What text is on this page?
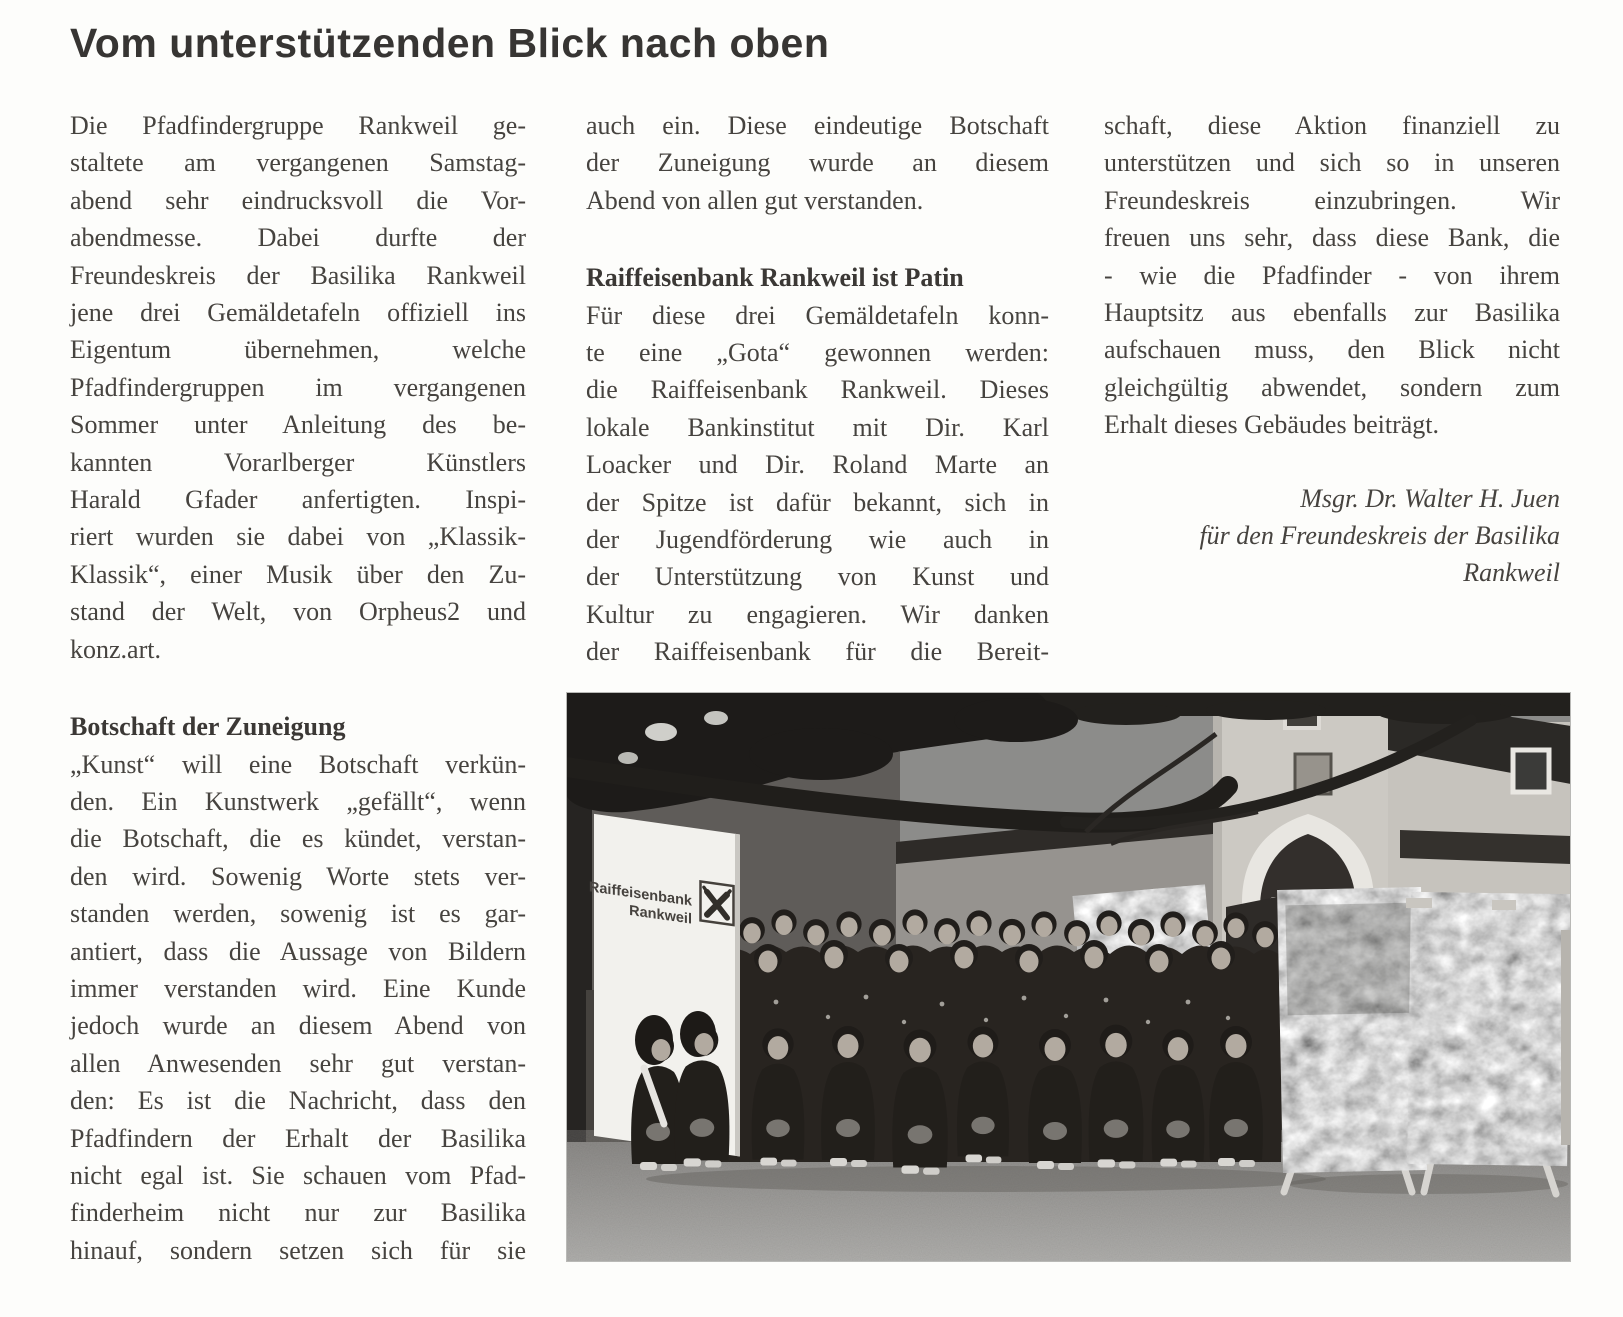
Vom unterstützenden Blick nach oben
Die Pfadfindergruppe Rankweil ge-
staltete am vergangenen Samstag-
abend sehr eindrucksvoll die Vor-
abendmesse. Dabei durfte der
Freundeskreis der Basilika Rankweil
jene drei Gemäldetafeln offiziell ins
Eigentum übernehmen, welche
Pfadfindergruppen im vergangenen
Sommer unter Anleitung des be-
kannten Vorarlberger Künstlers
Harald Gfader anfertigten. Inspi-
riert wurden sie dabei von „Klassik-
Klassik“, einer Musik über den Zu-
stand der Welt, von Orpheus2 und
konz.art.
Botschaft der Zuneigung
„Kunst“ will eine Botschaft verkün-
den. Ein Kunstwerk „gefällt“, wenn
die Botschaft, die es kündet, verstan-
den wird. Sowenig Worte stets ver-
standen werden, sowenig ist es gar-
antiert, dass die Aussage von Bildern
immer verstanden wird. Eine Kunde
jedoch wurde an diesem Abend von
allen Anwesenden sehr gut verstan-
den: Es ist die Nachricht, dass den
Pfadfindern der Erhalt der Basilika
nicht egal ist. Sie schauen vom Pfad-
finderheim nicht nur zur Basilika
hinauf, sondern setzen sich für sie
auch ein. Diese eindeutige Botschaft
der Zuneigung wurde an diesem
Abend von allen gut verstanden.
Raiffeisenbank Rankweil ist Patin
Für diese drei Gemäldetafeln konn-
te eine „Gota“ gewonnen werden:
die Raiffeisenbank Rankweil. Dieses
lokale Bankinstitut mit Dir. Karl
Loacker und Dir. Roland Marte an
der Spitze ist dafür bekannt, sich in
der Jugendförderung wie auch in
der Unterstützung von Kunst und
Kultur zu engagieren. Wir danken
der Raiffeisenbank für die Bereit-
schaft, diese Aktion finanziell zu
unterstützen und sich so in unseren
Freundeskreis einzubringen. Wir
freuen uns sehr, dass diese Bank, die
- wie die Pfadfinder - von ihrem
Hauptsitz aus ebenfalls zur Basilika
aufschauen muss, den Blick nicht
gleichgültig abwendet, sondern zum
Erhalt dieses Gebäudes beiträgt.
Msgr. Dr. Walter H. Juen
für den Freundeskreis der Basilika
Rankweil
Raiffeisenbank
Rankweil
